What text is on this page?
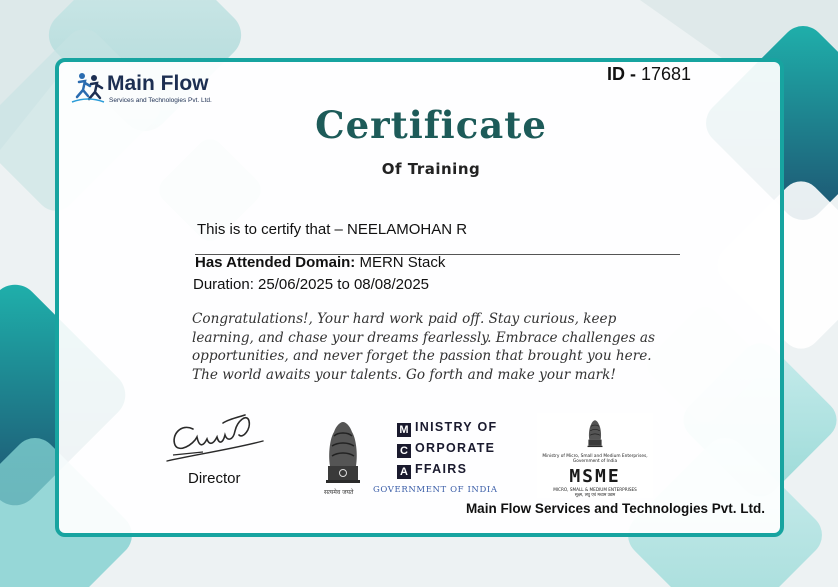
Main Flow
Services and Technologies Pvt. Ltd.
ID - 17681
Certificate
Of Training
This is to certify that – NEELAMOHAN R
Has Attended Domain: MERN Stack
Duration: 25/06/2025 to 08/08/2025
Congratulations!, Your hard work paid off. Stay curious, keep
learning, and chase your dreams fearlessly. Embrace challenges as
opportunities, and never forget the passion that brought you here.
The world awaits your talents. Go forth and make your mark!
Director
सत्यमेव जयते
M INISTRY OF
C ORPORATE
A FFAIRS
GOVERNMENT OF INDIA
Ministry of Micro, Small and Medium Enterprises,
Government of India
MSME
MICRO, SMALL & MEDIUM ENTERPRISES
सूक्ष्म, लघु एवं मध्यम उद्यम
Main Flow Services and Technologies Pvt. Ltd.
